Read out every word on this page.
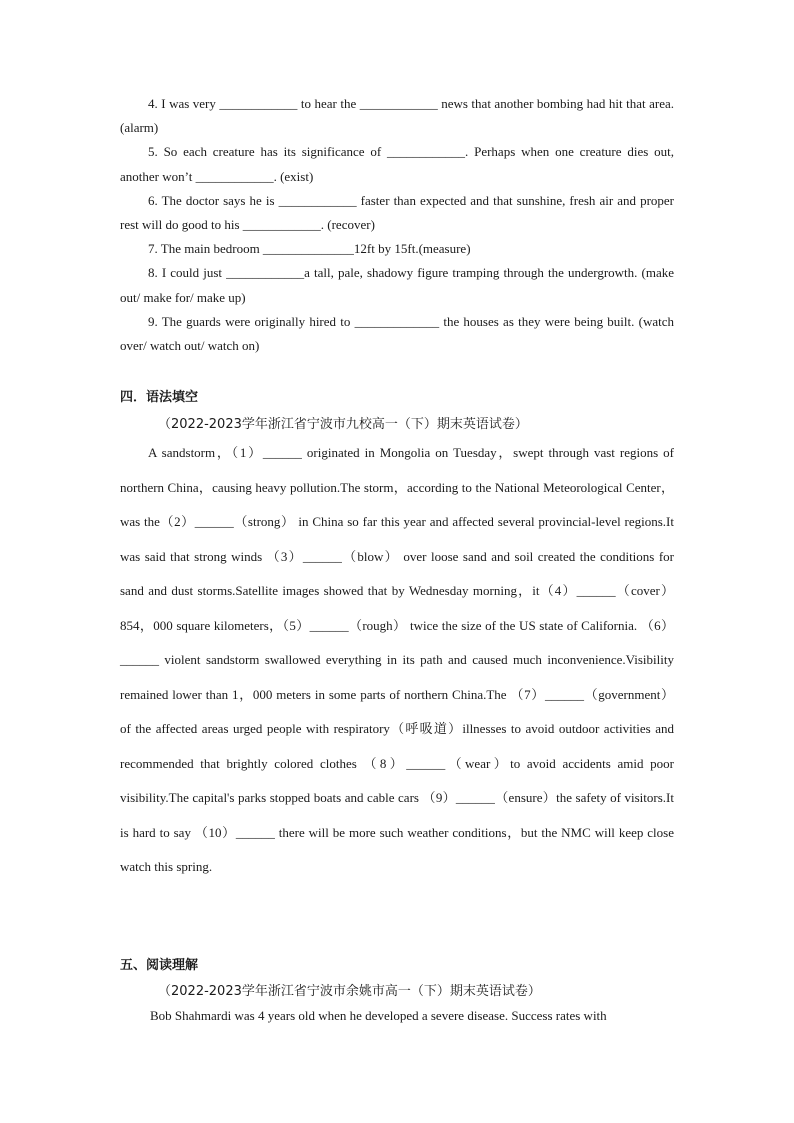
4. I was very ____________ to hear the ____________ news that another bombing had hit that area. (alarm)

5. So each creature has its significance of ____________. Perhaps when one creature dies out, another won’t ____________. (exist)

6. The doctor says he is ____________ faster than expected and that sunshine, fresh air and proper rest will do good to his ____________. (recover)

7. The main bedroom ______________12ft by 15ft.(measure)

8. I could just ____________a tall, pale, shadowy figure tramping through the undergrowth. (make out/ make for/ make up)

9. The guards were originally hired to _____________ the houses as they were being built. (watch over/ watch out/ watch on)

四．语法填空
（2022-2023学年浙江省宁波市九校高一（下）期末英语试卷）

A sandstorm，（1）______ originated in Mongolia on Tuesday，swept through vast regions of northern China，causing heavy pollution.The storm，according to the National Meteorological Center，was the（2）______（strong） in China so far this year and affected several provincial-level regions.It was said that strong winds （3）______（blow） over loose sand and soil created the conditions for sand and dust storms.Satellite images showed that by Wednesday morning，it（4）______（cover） 854，000 square kilometers，（5）______（rough） twice the size of the US state of California. （6）______ violent sandstorm swallowed everything in its path and caused much inconvenience.Visibility remained lower than 1，000 meters in some parts of northern China.The （7）______（government） of the affected areas urged people with respiratory（呼吸道）illnesses to avoid outdoor activities and recommended that brightly colored clothes （8）______（wear）to avoid accidents amid poor visibility.The capital's parks stopped boats and cable cars （9）______（ensure）the safety of visitors.It is hard to say （10）______ there will be more such weather conditions，but the NMC will keep close watch this spring.

五、阅读理解
（2022-2023学年浙江省宁波市余姚市高一（下）期末英语试卷）

Bob Shahmardi was 4 years old when he developed a severe disease. Success rates with
